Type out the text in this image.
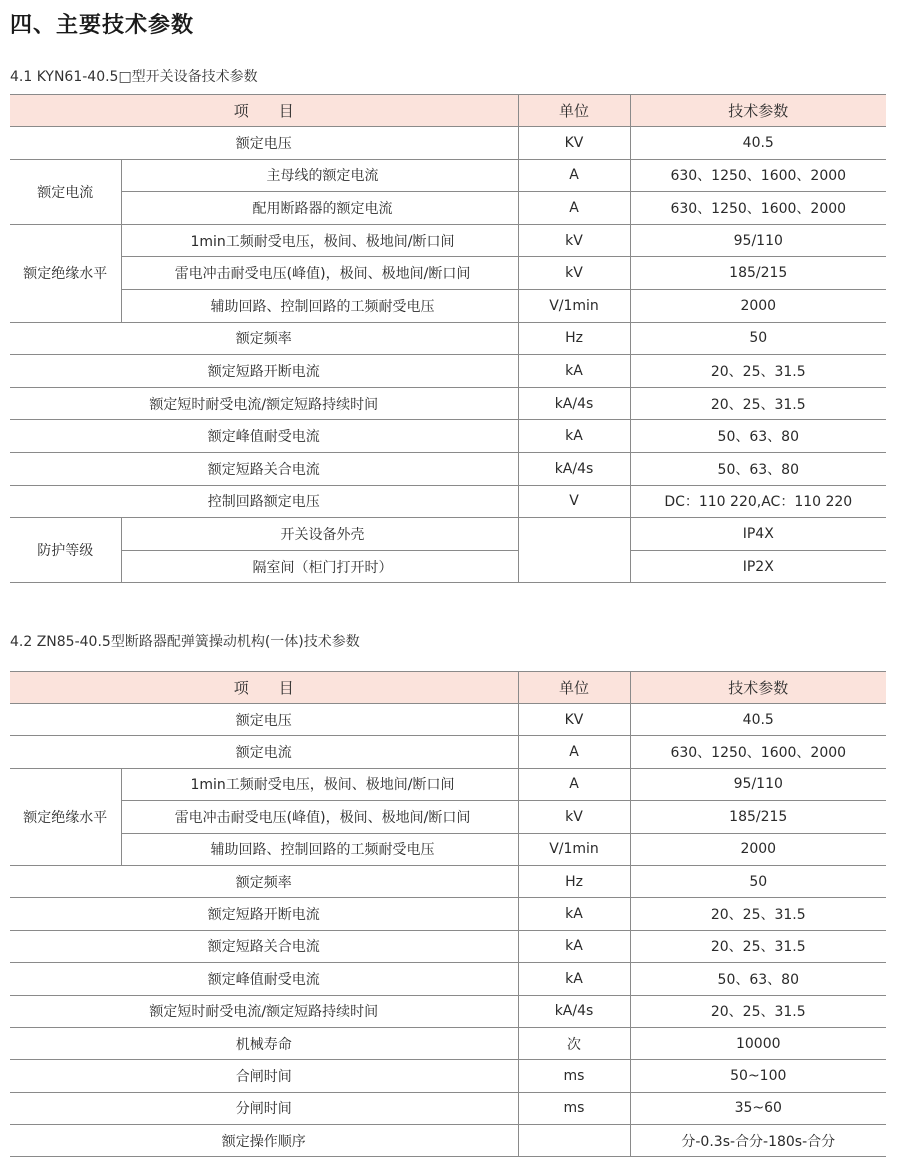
四、主要技术参数
4.1 KYN61-40.5□型开关设备技术参数
项　　目		单位	技术参数
额定电压		KV	40.5
额定电流	主母线的额定电流	A	630、1250、1600、2000
	配用断路器的额定电流	A	630、1250、1600、2000
额定绝缘水平	1min工频耐受电压，极间、极地间/断口间	kV	95/110
	雷电冲击耐受电压(峰值)，极间、极地间/断口间	kV	185/215
	辅助回路、控制回路的工频耐受电压	V/1min	2000
额定频率		Hz	50
额定短路开断电流		kA	20、25、31.5
额定短时耐受电流/额定短路持续时间		kA/4s	20、25、31.5
额定峰值耐受电流		kA	50、63、80
额定短路关合电流		kA/4s	50、63、80
控制回路额定电压		V	DC：110 220,AC：110 220
防护等级	开关设备外壳		IP4X
	隔室间（柜门打开时）		IP2X
4.2 ZN85-40.5型断路器配弹簧操动机构(一体)技术参数
项　　目		单位	技术参数
额定电压		KV	40.5
额定电流		A	630、1250、1600、2000
额定绝缘水平	1min工频耐受电压，极间、极地间/断口间	A	95/110
	雷电冲击耐受电压(峰值)，极间、极地间/断口间	kV	185/215
	辅助回路、控制回路的工频耐受电压	V/1min	2000
额定频率		Hz	50
额定短路开断电流		kA	20、25、31.5
额定短路关合电流		kA	20、25、31.5
额定峰值耐受电流		kA	50、63、80
额定短时耐受电流/额定短路持续时间		kA/4s	20、25、31.5
机械寿命		次	10000
合闸时间		ms	50~100
分闸时间		ms	35~60
额定操作顺序			分-0.3s-合分-180s-合分
